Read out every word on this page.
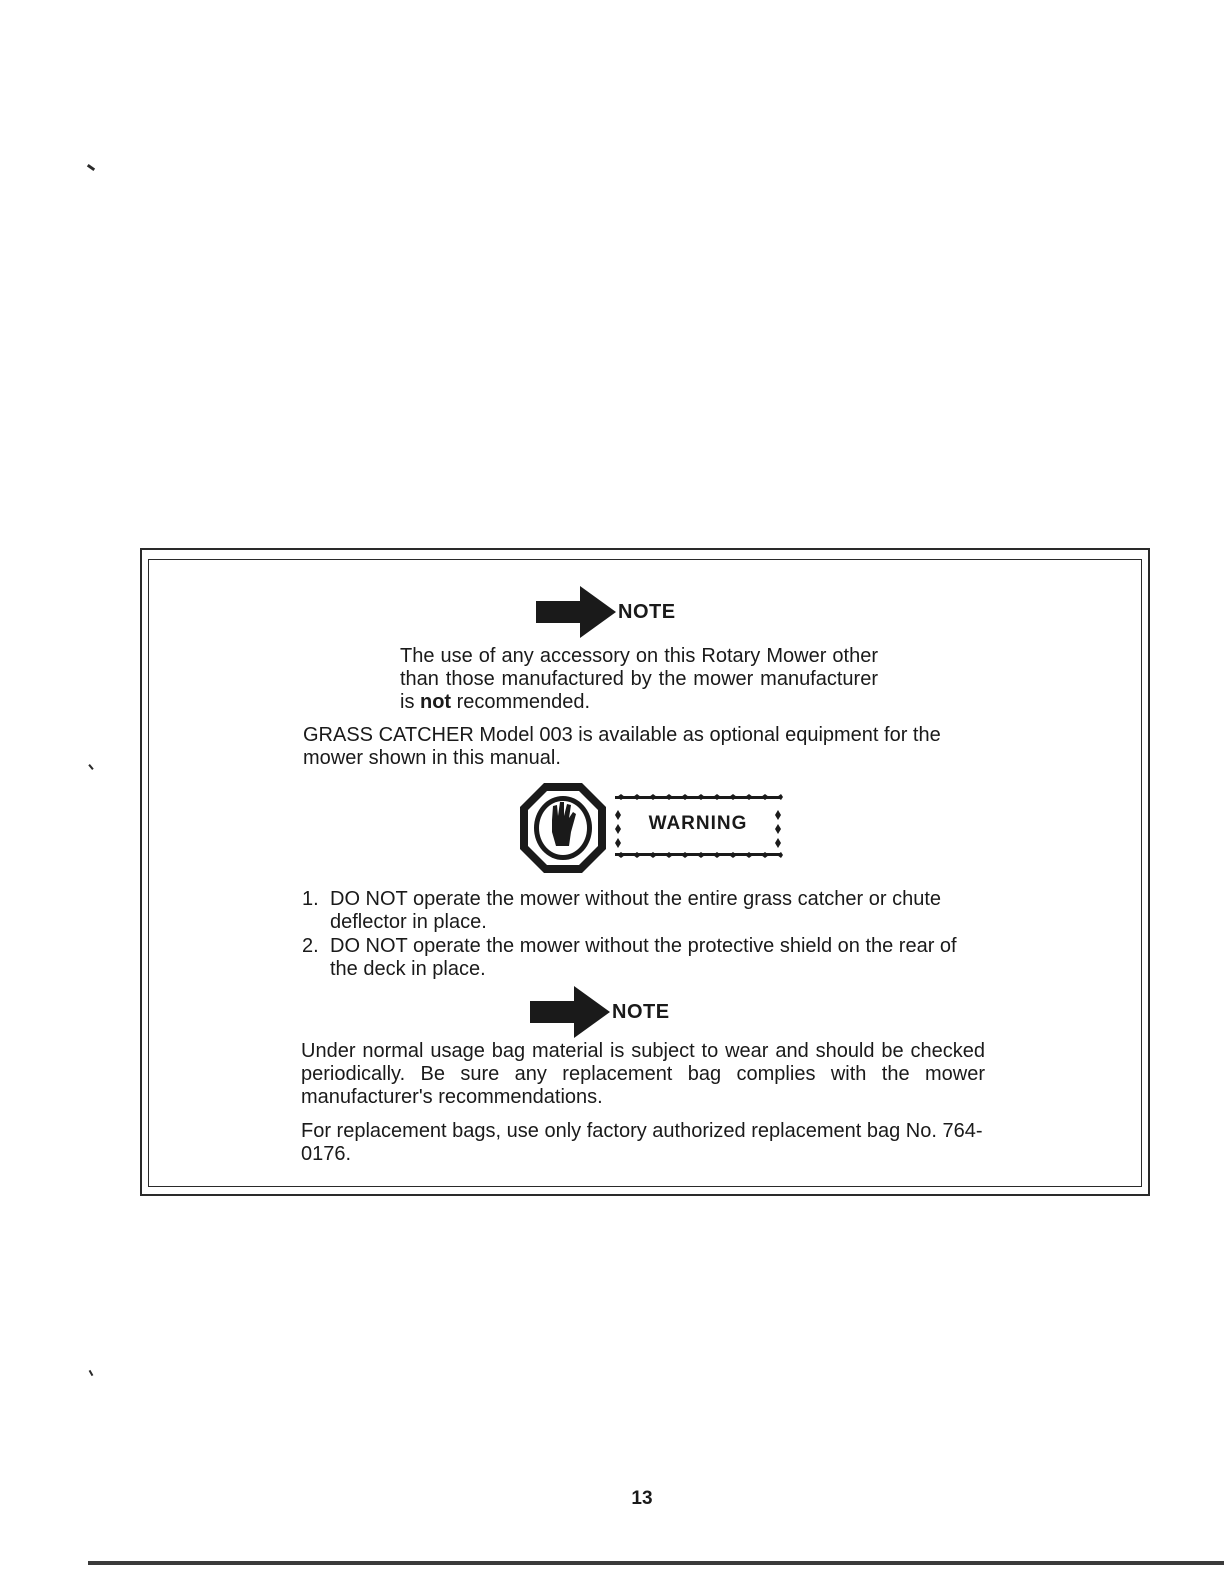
NOTE

The use of any accessory on this Rotary Mower other than those manufactured by the mower manufacturer is not recommended.

GRASS CATCHER Model 003 is available as optional equipment for the mower shown in this manual.

WARNING
1. DO NOT operate the mower without the entire grass catcher or chute deflector in place.
2. DO NOT operate the mower without the protective shield on the rear of the deck in place.
NOTE

Under normal usage bag material is subject to wear and should be checked periodically. Be sure any replacement bag complies with the mower manufacturer's recommendations.

For replacement bags, use only factory authorized replacement bag No. 764-0176.

13
